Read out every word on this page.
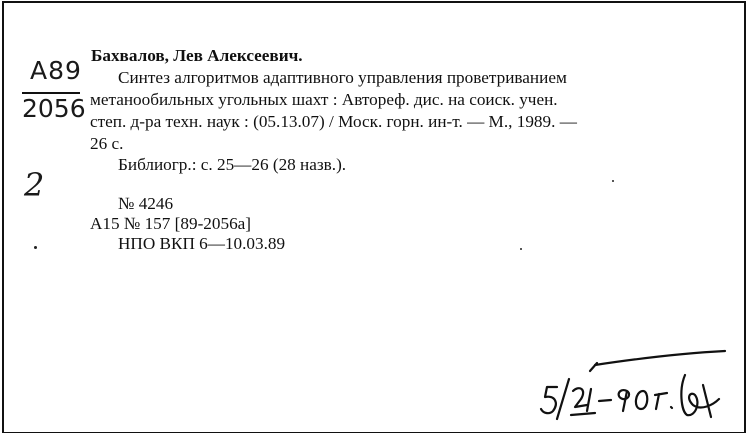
A89
2056
2
Бахвалов, Лев Алексеевич.
Синтез алгоритмов адаптивного управления проветриванием
метанообильных угольных шахт : Автореф. дис. на соиск. учен.
степ. д-ра техн. наук : (05.13.07) / Моск. горн. ин-т. — М., 1989. —
26 с.
Библиогр.: с. 25—26 (28 назв.).
№ 4246
А15 № 157 [89-2056а]
НПО ВКП 6—10.03.89
